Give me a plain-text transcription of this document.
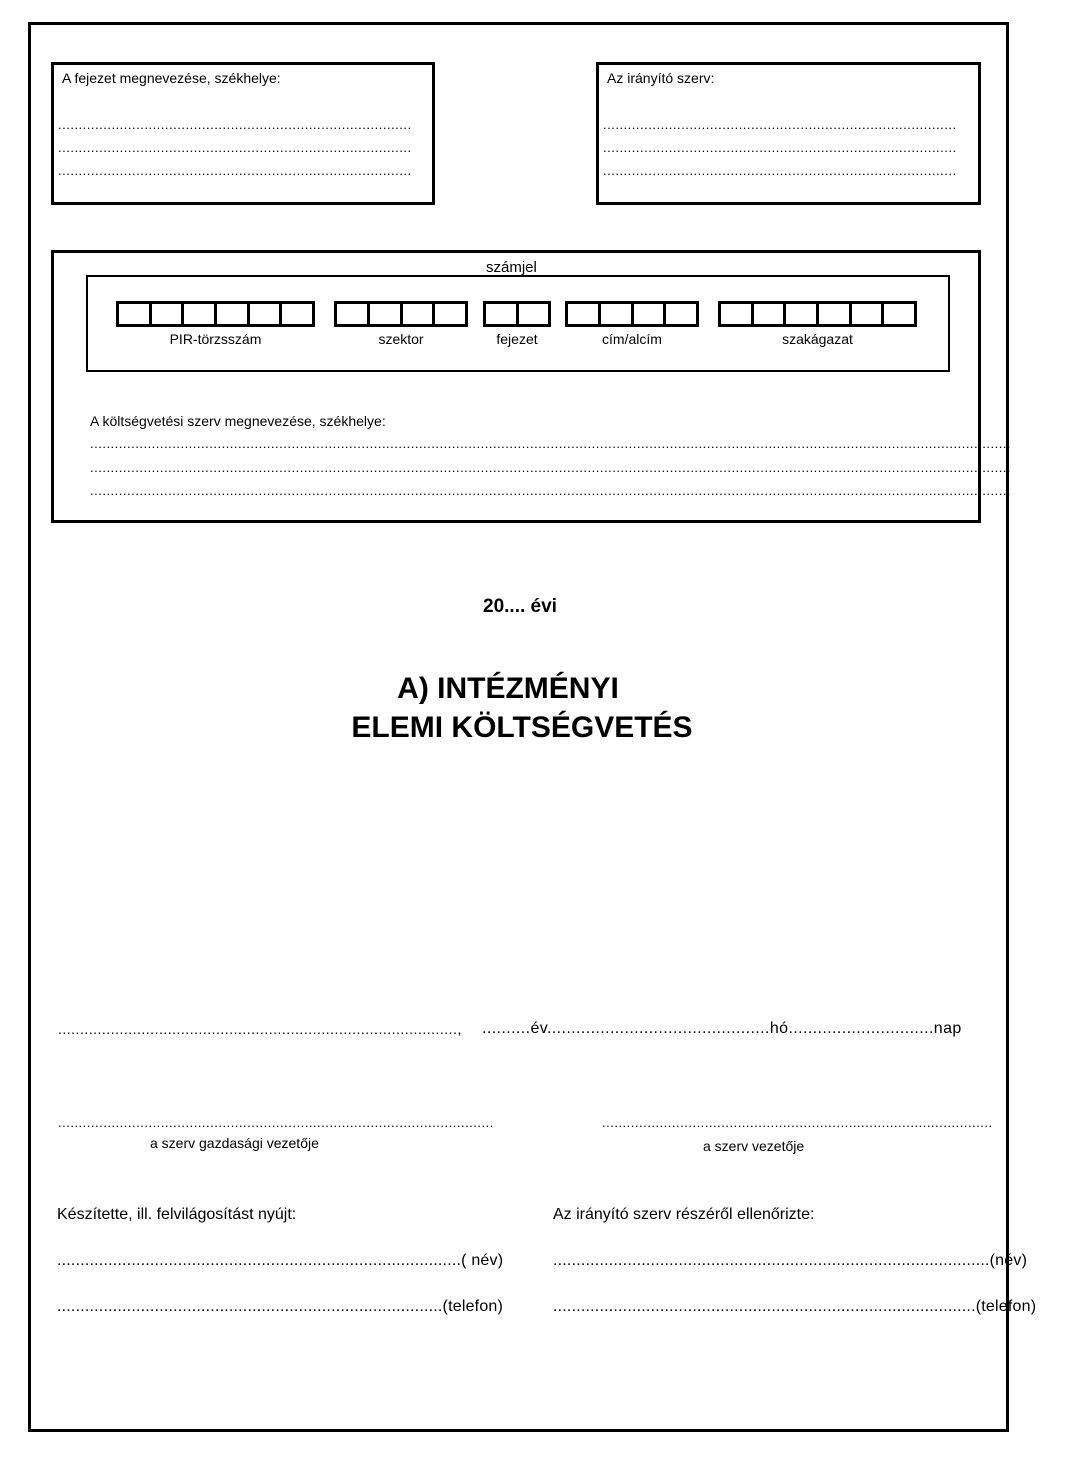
A fejezet megnevezése, székhelye:
......................................................................................
......................................................................................
......................................................................................
Az irányító szerv:
......................................................................................
......................................................................................
......................................................................................
számjel
PIR-törzsszám	szektor	fejezet	cím/alcím	szakágazat
A költségvetési szerv megnevezése, székhelye:
................................................................................................................................................................................................................................
................................................................................................................................................................................................................................
................................................................................................................................................................................................................................
20.... évi
A) INTÉZMÉNYI
ELEMI KÖLTSÉGVETÉS
..........................................................................................., ..........év..............................................hó..............................nap
..........................................................................................................
a szerv gazdasági vezetője
...............................................................................................
a szerv vezetője
Készítette, ill. felvilágosítást nyújt:
.......................................................................................( név)
...................................................................................(telefon)
Az irányító szerv részéről ellenőrizte:
..............................................................................................(név)
...........................................................................................(telefon)
